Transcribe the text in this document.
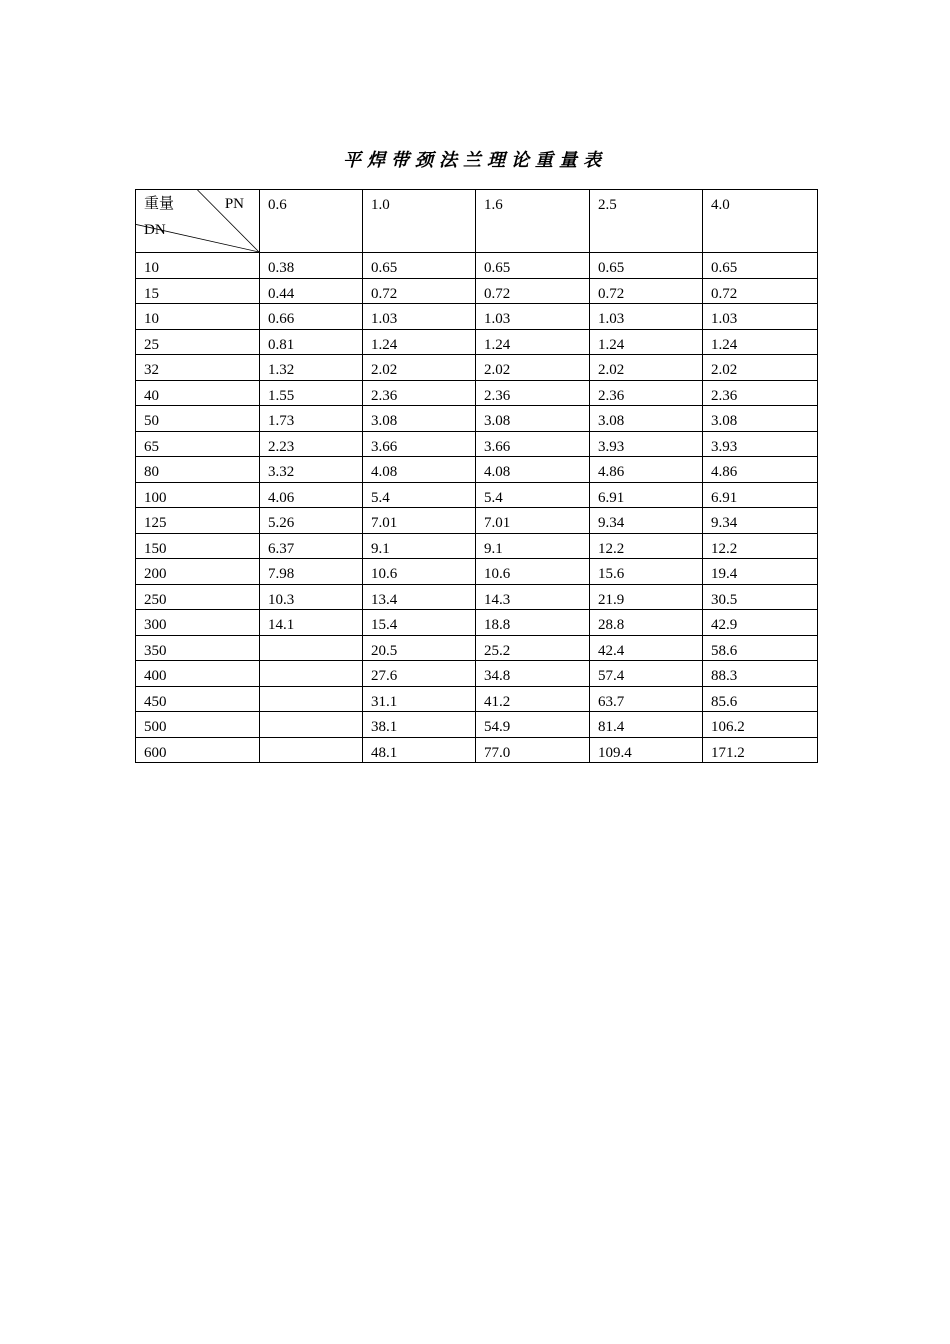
平焊带颈法兰理论重量表
重量 PN
DN	0.6	1.0	1.6	2.5	4.0
10	0.38	0.65	0.65	0.65	0.65
15	0.44	0.72	0.72	0.72	0.72
10	0.66	1.03	1.03	1.03	1.03
25	0.81	1.24	1.24	1.24	1.24
32	1.32	2.02	2.02	2.02	2.02
40	1.55	2.36	2.36	2.36	2.36
50	1.73	3.08	3.08	3.08	3.08
65	2.23	3.66	3.66	3.93	3.93
80	3.32	4.08	4.08	4.86	4.86
100	4.06	5.4	5.4	6.91	6.91
125	5.26	7.01	7.01	9.34	9.34
150	6.37	9.1	9.1	12.2	12.2
200	7.98	10.6	10.6	15.6	19.4
250	10.3	13.4	14.3	21.9	30.5
300	14.1	15.4	18.8	28.8	42.9
350		20.5	25.2	42.4	58.6
400		27.6	34.8	57.4	88.3
450		31.1	41.2	63.7	85.6
500		38.1	54.9	81.4	106.2
600		48.1	77.0	109.4	171.2
